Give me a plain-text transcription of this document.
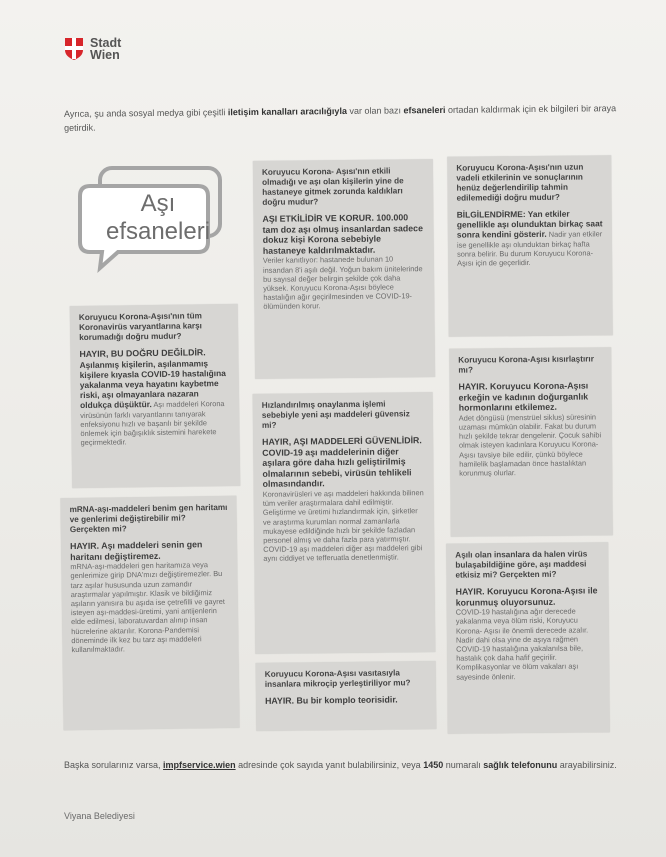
Stadt
Wien
Ayrıca, şu anda sosyal medya gibi çeşitli iletişim kanalları aracılığıyla var olan bazı efsaneleri ortadan kaldırmak için ek bilgileri bir araya getirdik.
Aşı
efsaneleri
Koruyucu Korona-Aşısı'nın tüm Koronavirüs varyantlarına karşı korumadığı doğru mudur?
HAYIR, BU DOĞRU DEĞİLDİR.
Aşılanmış kişilerin, aşılanmamış kişilere kıyasla COVID-19 hastalığına yakalanma veya hayatını kaybetme riski, aşı olmayanlara nazaran oldukça düşüktür. Aşı maddeleri Korona virüsünün farklı varyantlarını tanıyarak enfeksiyonu hızlı ve başarılı bir şekilde önlemek için bağışıklık sistemini harekete geçirmektedir.
mRNA-aşı-maddeleri benim gen haritamı ve genlerimi değiştirebilir mi? Gerçekten mi?
HAYIR. Aşı maddeleri senin gen haritanı değiştiremez.
mRNA-aşı-maddeleri gen haritamıza veya genlerimize girip DNA'mızı değiştiremezler. Bu tarz aşılar hususunda uzun zamandır araştırmalar yapılmıştır. Klasik ve bildiğimiz aşıların yanısıra bu aşıda ise çetrefilli ve gayret isteyen aşı-maddesi-üretimi, yani antijenlerin elde edilmesi, laboratuvardan alınıp insan hücrelerine aktarılır. Korona-Pandemisi döneminde ilk kez bu tarz aşı maddeleri kullanılmaktadır.
Koruyucu Korona- Aşısı'nın etkili olmadığı ve aşı olan kişilerin yine de hastaneye gitmek zorunda kaldıkları doğru mudur?
AŞI ETKİLİDİR VE KORUR. 100.000 tam doz aşı olmuş insanlardan sadece dokuz kişi Korona sebebiyle hastaneye kaldırılmaktadır.
Veriler kanıtlıyor: hastanede bulunan 10 insandan 8'i aşılı değil. Yoğun bakım ünitelerinde bu sayısal değer belirgin şekilde çok daha yüksek. Koruyucu Korona-Aşısı böylece hastalığın ağır geçirilmesinden ve COVID-19-ölümünden korur.
Hızlandırılmış onaylanma işlemi sebebiyle yeni aşı maddeleri güvensiz mi?
HAYIR, AŞI MADDELERİ GÜVENLİDİR. COVID-19 aşı maddelerinin diğer aşılara göre daha hızlı geliştirilmiş olmalarının sebebi, virüsün tehlikeli olmasındandır.
Koronavirüsleri ve aşı maddeleri hakkında bilinen tüm veriler araştırmalara dahil edilmiştir. Geliştirme ve üretimi hızlandırmak için, şirketler ve araştırma kurumları normal zamanlarla mukayese edildiğinde hızlı bir şekilde fazladan personel almış ve daha fazla para yatırmıştır. COVID-19 aşı maddeleri diğer aşı maddeleri gibi aynı ciddiyet ve tefferuatla denetlenmiştir.
Koruyucu Korona-Aşısı vasıtasıyla insanlara mikroçip yerleştiriliyor mu?
HAYIR. Bu bir komplo teorisidir.
Koruyucu Korona-Aşısı'nın uzun vadeli etkilerinin ve sonuçlarının henüz değerlendirilip tahmin edilemediği doğru mudur?
BİLGİLENDİRME: Yan etkiler genellikle aşı olunduktan birkaç saat sonra kendini gösterir. Nadir yan etkiler ise genellikle aşı olunduktan birkaç hafta sonra belirir. Bu durum Koruyucu Korona-Aşısı için de geçerlidir.
Koruyucu Korona-Aşısı kısırlaştırır mı?
HAYIR. Koruyucu Korona-Aşısı erkeğin ve kadının doğurganlık hormonlarını etkilemez.
Adet döngüsü (menstrüel siklus) süresinin uzaması mümkün olabilir. Fakat bu durum hızlı şekilde tekrar dengelenir. Çocuk sahibi olmak isteyen kadınlara Koruyucu Korona-Aşısı tavsiye bile edilir, çünkü böylece hamilelik başlamadan önce hastalıktan korunmuş olurlar.
Aşılı olan insanlara da halen virüs bulaşabildiğine göre, aşı maddesi etkisiz mi? Gerçekten mi?
HAYIR. Koruyucu Korona-Aşısı ile korunmuş oluyorsunuz.
COVID-19 hastalığına ağır derecede yakalanma veya ölüm riski, Koruyucu Korona- Aşısı ile önemli derecede azalır. Nadir dahi olsa yine de aşıya rağmen COVID-19 hastalığına yakalanılsa bile, hastalık çok daha hafif geçirilir. Komplikasyonlar ve ölüm vakaları aşı sayesinde önlenir.
Başka sorularınız varsa, impfservice.wien adresinde çok sayıda yanıt bulabilirsiniz, veya 1450 numaralı sağlık telefonunu arayabilirsiniz.
Viyana Belediyesi
